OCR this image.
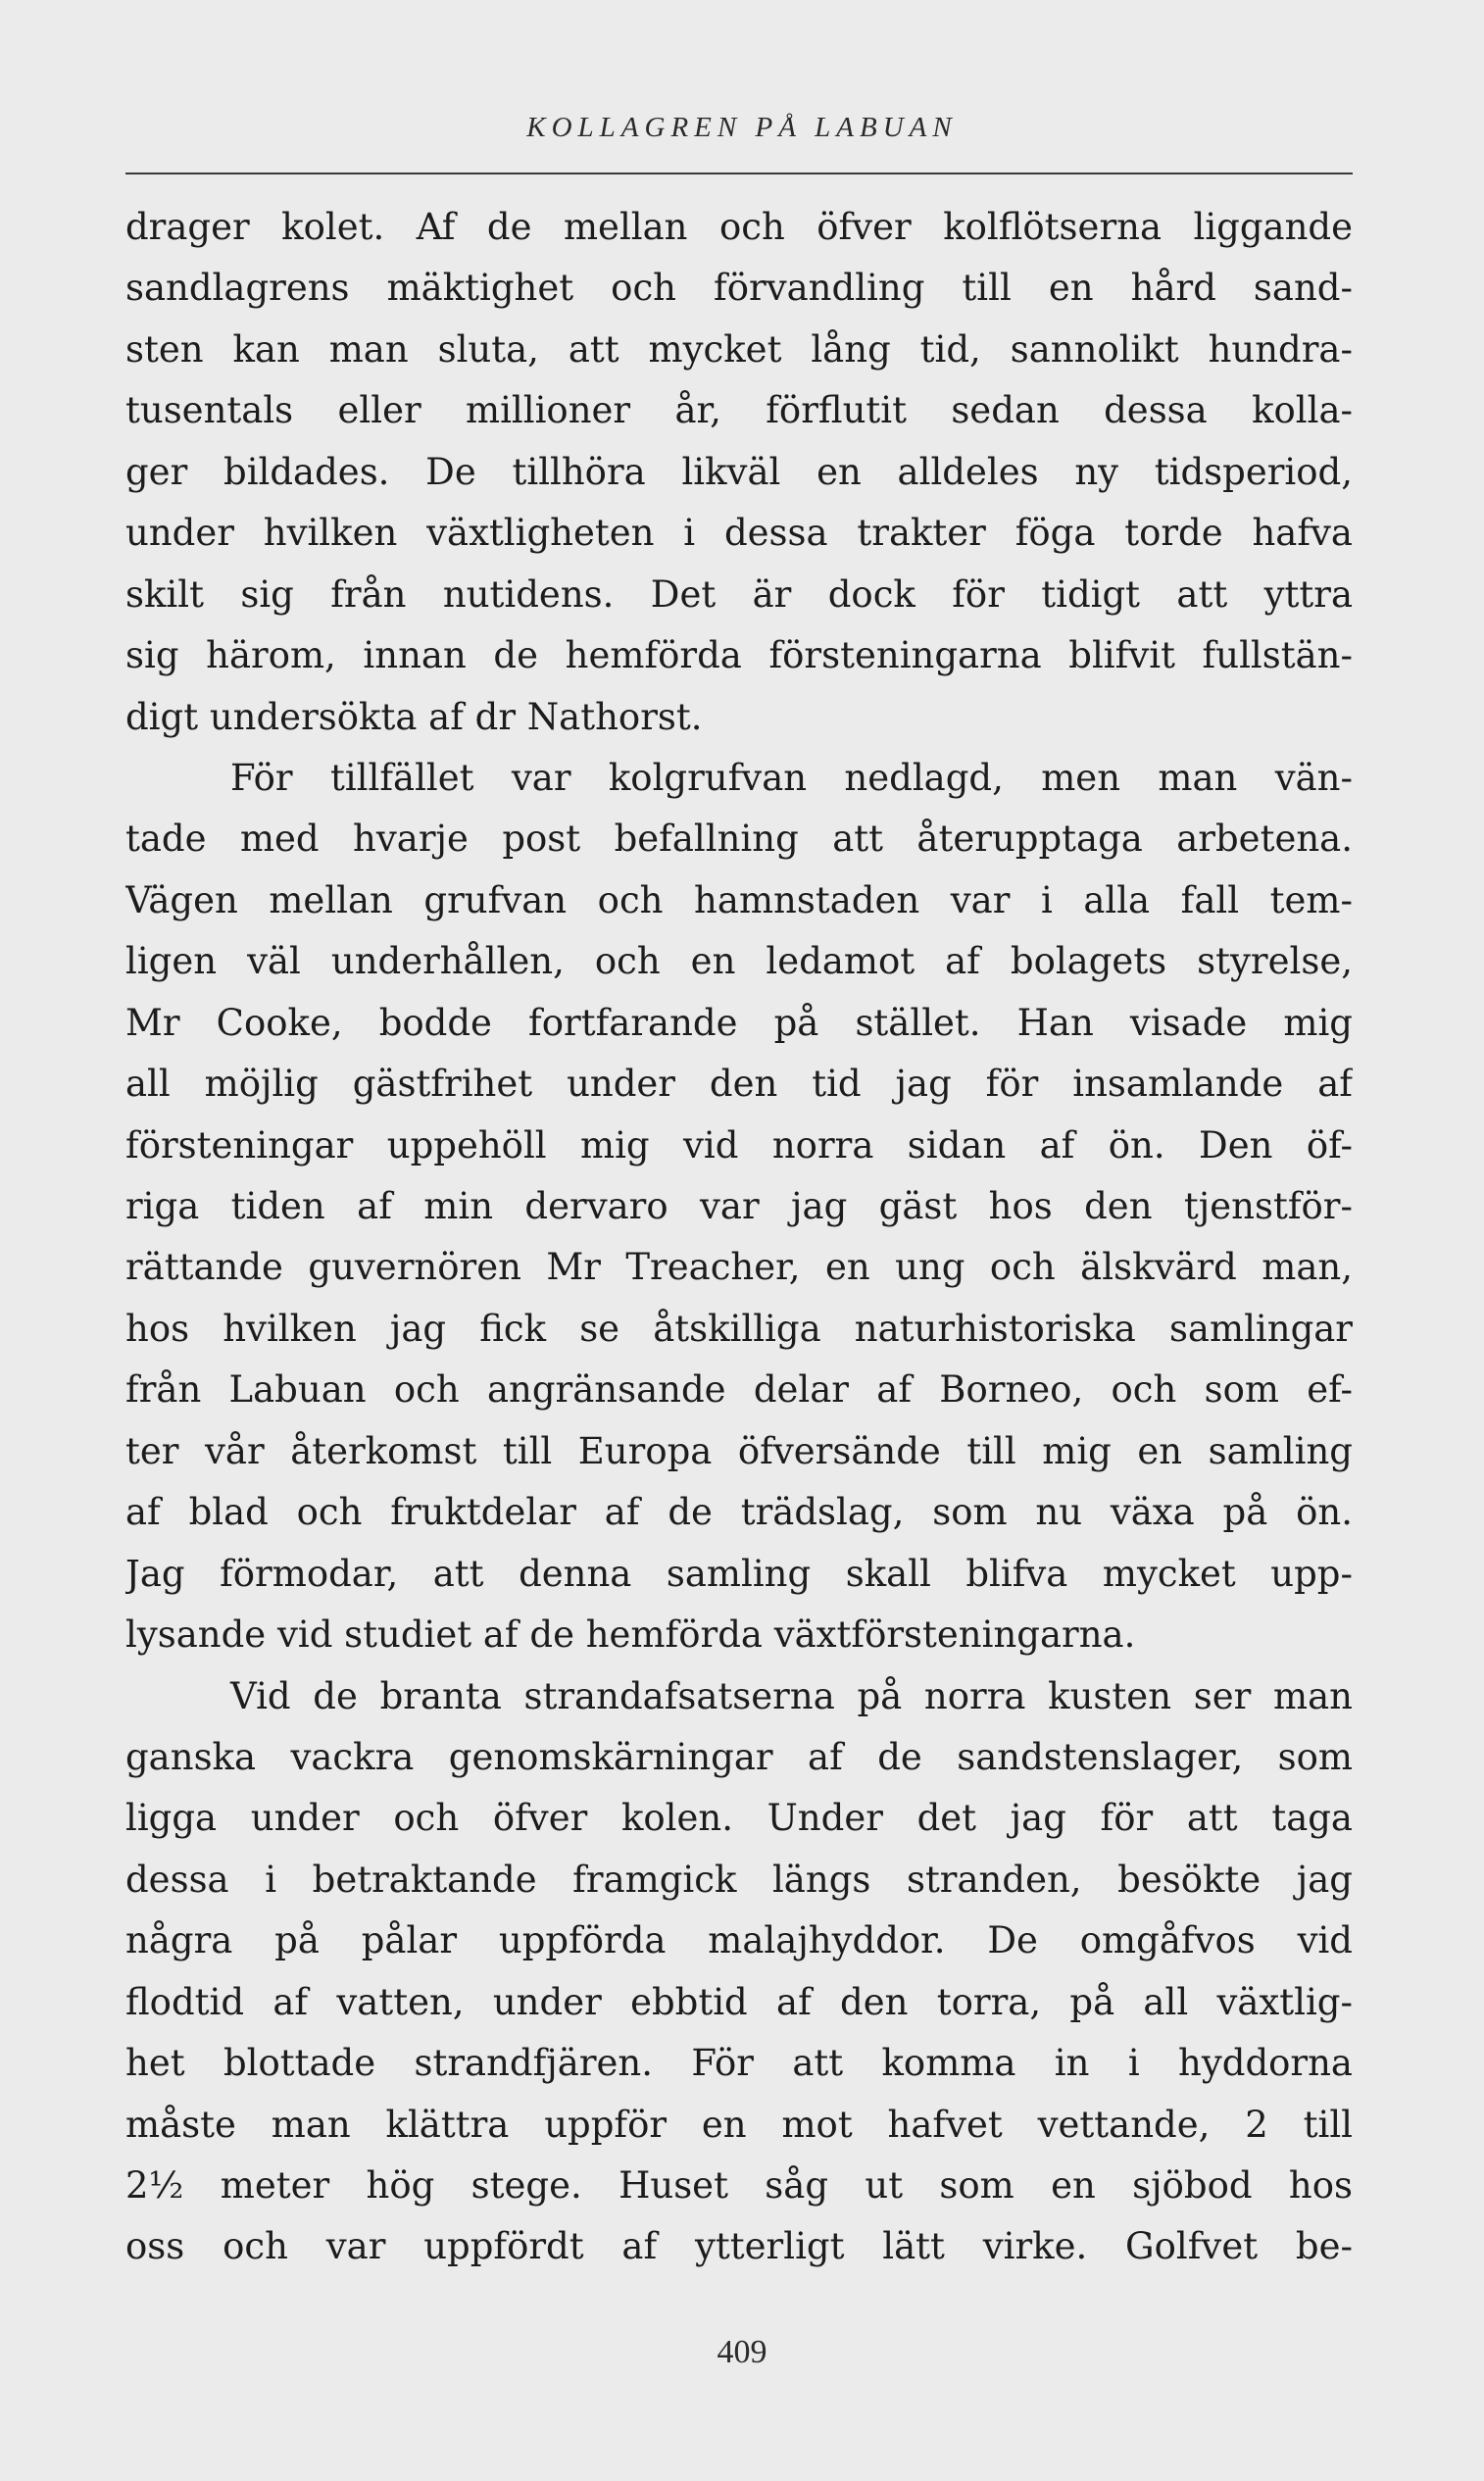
KOLLAGREN PÅ LABUAN
drager kolet. Af de mellan och öfver kolflötserna liggande
sandlagrens mäktighet och förvandling till en hård sand-
sten kan man sluta, att mycket lång tid, sannolikt hundra-
tusentals eller millioner år, förflutit sedan dessa kolla-
ger bildades. De tillhöra likväl en alldeles ny tidsperiod,
under hvilken växtligheten i dessa trakter föga torde hafva
skilt sig från nutidens. Det är dock för tidigt att yttra
sig härom, innan de hemförda försteningarna blifvit fullstän-
digt undersökta af dr Nathorst.
För tillfället var kolgrufvan nedlagd, men man vän-
tade med hvarje post befallning att återupptaga arbetena.
Vägen mellan grufvan och hamnstaden var i alla fall tem-
ligen väl underhållen, och en ledamot af bolagets styrelse,
Mr Cooke, bodde fortfarande på stället. Han visade mig
all möjlig gästfrihet under den tid jag för insamlande af
försteningar uppehöll mig vid norra sidan af ön. Den öf-
riga tiden af min dervaro var jag gäst hos den tjenstför-
rättande guvernören Mr Treacher, en ung och älskvärd man,
hos hvilken jag fick se åtskilliga naturhistoriska samlingar
från Labuan och angränsande delar af Borneo, och som ef-
ter vår återkomst till Europa öfversände till mig en samling
af blad och fruktdelar af de trädslag, som nu växa på ön.
Jag förmodar, att denna samling skall blifva mycket upp-
lysande vid studiet af de hemförda växtförsteningarna.
Vid de branta strandafsatserna på norra kusten ser man
ganska vackra genomskärningar af de sandstenslager, som
ligga under och öfver kolen. Under det jag för att taga
dessa i betraktande framgick längs stranden, besökte jag
några på pålar uppförda malajhyddor. De omgåfvos vid
flodtid af vatten, under ebbtid af den torra, på all växtlig-
het blottade strandfjären. För att komma in i hyddorna
måste man klättra uppför en mot hafvet vettande, 2 till
2½ meter hög stege. Huset såg ut som en sjöbod hos
oss och var uppfördt af ytterligt lätt virke. Golfvet be-
409
